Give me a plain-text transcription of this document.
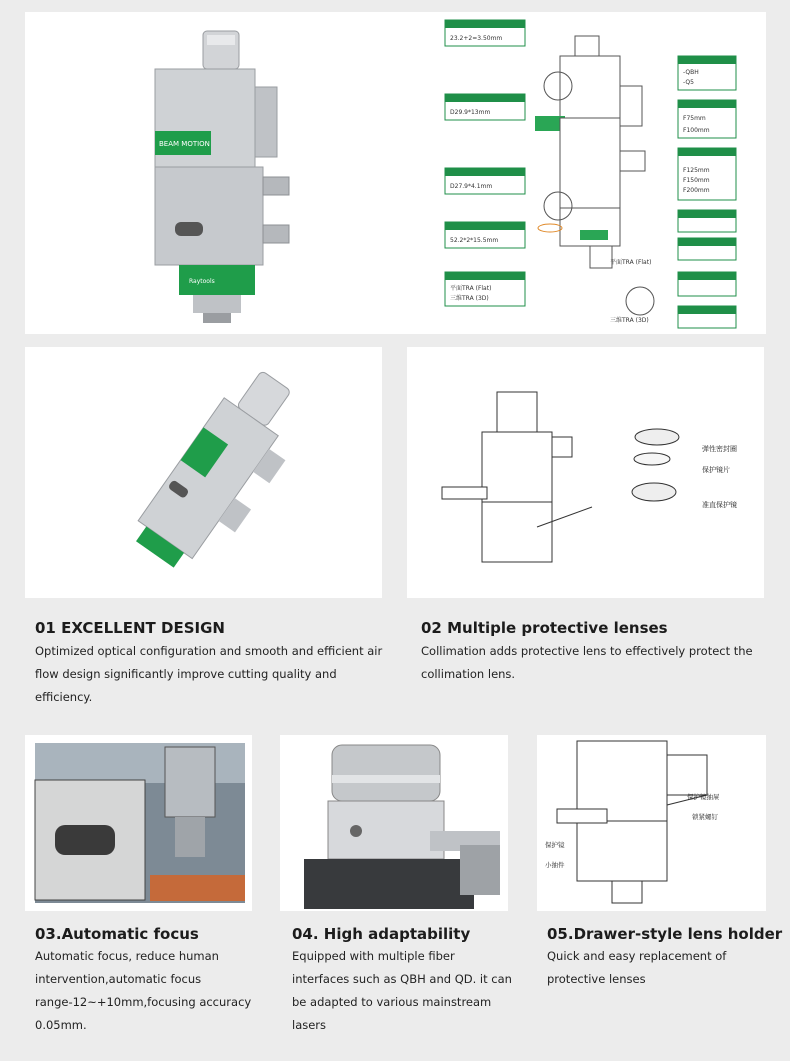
BEAM MOTION
Raytools
23.2+2=3.50mm
D29.9*13mm
D27.9*4.1mm
52.2*2*15.5mm
平面TRA (Flat)
三维TRA (3D)
-QBH
-Q5
F75mm
F100mm
F125mm
F150mm
F200mm
平面TRA (Flat)
三维TRA (3D)
弹性密封圈
保护镜片
准直保护镜
01 EXCELLENT DESIGN
Optimized optical configuration and smooth and efficient air
flow design significantly improve cutting quality and
efficiency.
02 Multiple protective lenses
Collimation adds protective lens to effectively protect the
collimation lens.
保护镜抽屉
锁紧螺钉
保护镜
小抽件
03.Automatic focus
Automatic focus, reduce human
intervention,automatic focus
range-12~+10mm,focusing accuracy
0.05mm.
04. High adaptability
Equipped with multiple fiber
interfaces such as QBH and QD. it can
be adapted to various mainstream
lasers
05.Drawer-style lens holder
Quick and easy replacement of
protective lenses
